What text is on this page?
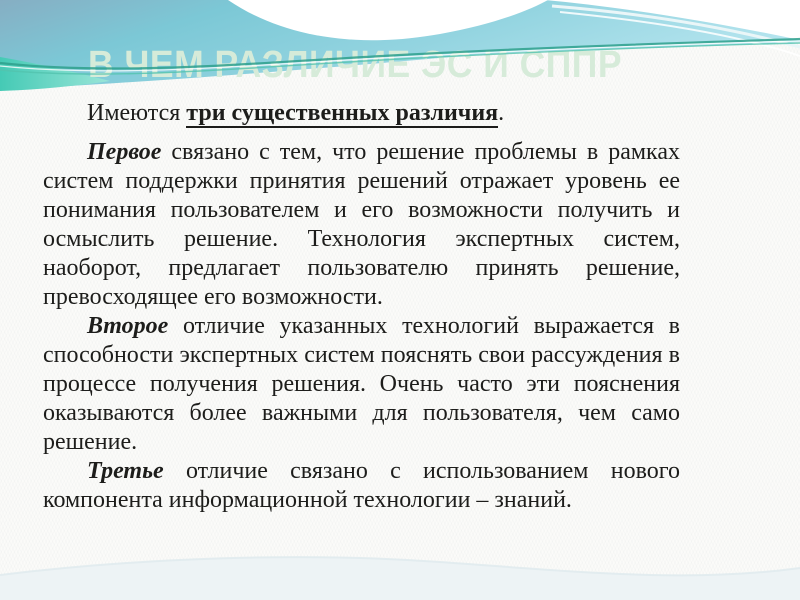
В ЧЕМ РАЗЛИЧИЕ ЭС И СППР

Имеются три существенных различия.

Первое связано с тем, что решение проблемы в рамках систем поддержки принятия решений отражает уровень ее понимания пользователем и его возможности получить и осмыслить решение. Технология экспертных систем, наоборот, предлагает пользователю принять решение, превосходящее его возможности.

Второе отличие указанных технологий выражается в способности экспертных систем пояснять свои рассуждения в процессе получения решения. Очень часто эти пояснения оказываются более важными для пользователя, чем само решение.

Третье отличие связано с использованием нового компонента информационной технологии – знаний.
